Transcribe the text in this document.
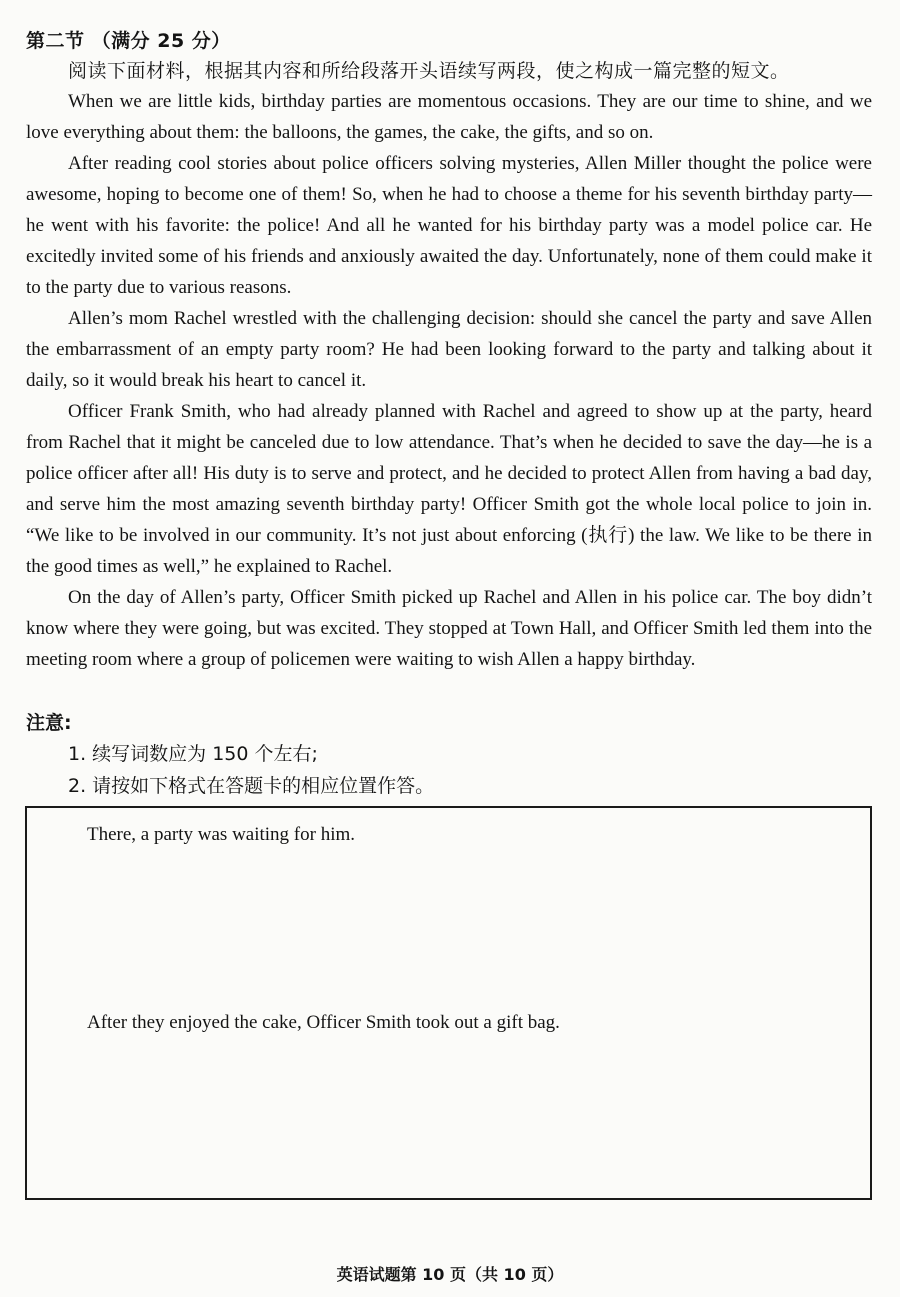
第二节 （满分 25 分）
阅读下面材料，根据其内容和所给段落开头语续写两段，使之构成一篇完整的短文。

When we are little kids, birthday parties are momentous occasions. They are our time to shine, and we love everything about them: the balloons, the games, the cake, the gifts, and so on.

After reading cool stories about police officers solving mysteries, Allen Miller thought the police were awesome, hoping to become one of them! So, when he had to choose a theme for his seventh birthday party—he went with his favorite: the police! And all he wanted for his birthday party was a model police car. He excitedly invited some of his friends and anxiously awaited the day. Unfortunately, none of them could make it to the party due to various reasons.

Allen’s mom Rachel wrestled with the challenging decision: should she cancel the party and save Allen the embarrassment of an empty party room? He had been looking forward to the party and talking about it daily, so it would break his heart to cancel it.

Officer Frank Smith, who had already planned with Rachel and agreed to show up at the party, heard from Rachel that it might be canceled due to low attendance. That’s when he decided to save the day—he is a police officer after all! His duty is to serve and protect, and he decided to protect Allen from having a bad day, and serve him the most amazing seventh birthday party! Officer Smith got the whole local police to join in. “We like to be involved in our community. It’s not just about enforcing (执行) the law. We like to be there in the good times as well,” he explained to Rachel.

On the day of Allen’s party, Officer Smith picked up Rachel and Allen in his police car. The boy didn’t know where they were going, but was excited. They stopped at Town Hall, and Officer Smith led them into the meeting room where a group of policemen were waiting to wish Allen a happy birthday.

注意:
1. 续写词数应为 150 个左右;
2. 请按如下格式在答题卡的相应位置作答。
There, a party was waiting for him.
After they enjoyed the cake, Officer Smith took out a gift bag.
英语试题第 10 页（共 10 页）
